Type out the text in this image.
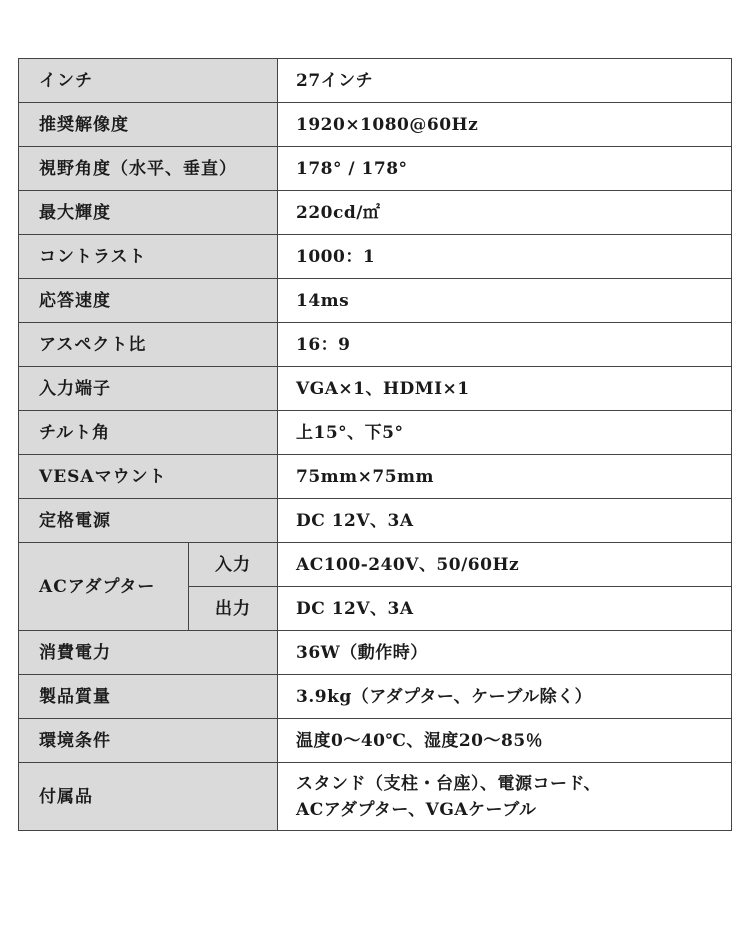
インチ		27インチ
推奨解像度		1920×1080@60Hz
視野角度（水平、垂直）		178° / 178°
最大輝度		220cd/㎡
コントラスト		1000：1
応答速度		14ms
アスペクト比		16：9
入力端子		VGA×1、HDMI×1
チルト角		上15°、下5°
VESAマウント		75mm×75mm
定格電源		DC 12V、3A
ACアダプター	入力	AC100-240V、50/60Hz
	出力	DC 12V、3A
消費電力		36W（動作時）
製品質量		3.9kg（アダプター、ケーブル除く）
環境条件		温度0～40℃、湿度20～85％
付属品		スタンド（支柱・台座）、電源コード、
ACアダプター、VGAケーブル
